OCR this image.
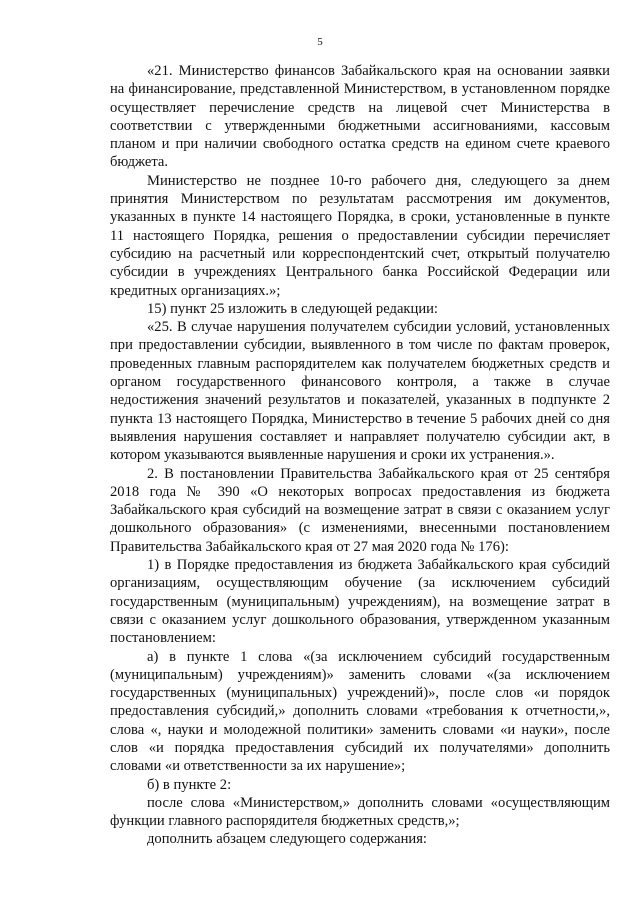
5

«21. Министерство финансов Забайкальского края на основании заявки на финансирование, представленной Министерством, в установленном порядке осуществляет перечисление средств на лицевой счет Министерства в соответствии с утвержденными бюджетными ассигнованиями, кассовым планом и при наличии свободного остатка средств на едином счете краевого бюджета.

Министерство не позднее 10-го рабочего дня, следующего за днем принятия Министерством по результатам рассмотрения им документов, указанных в пункте 14 настоящего Порядка, в сроки, установленные в пункте 11 настоящего Порядка, решения о предоставлении субсидии перечисляет субсидию на расчетный или корреспондентский счет, открытый получателю субсидии в учреждениях Центрального банка Российской Федерации или кредитных организациях.»;

15) пункт 25 изложить в следующей редакции:

«25. В случае нарушения получателем субсидии условий, установленных при предоставлении субсидии, выявленного в том числе по фактам проверок, проведенных главным распорядителем как получателем бюджетных средств и органом государственного финансового контроля, а также в случае недостижения значений результатов и показателей, указанных в подпункте 2 пункта 13 настоящего Порядка, Министерство в течение 5 рабочих дней со дня выявления нарушения составляет и направляет получателю субсидии акт, в котором указываются выявленные нарушения и сроки их устранения.».

2. В постановлении Правительства Забайкальского края от 25 сентября 2018 года № 390 «О некоторых вопросах предоставления из бюджета Забайкальского края субсидий на возмещение затрат в связи с оказанием услуг дошкольного образования» (с изменениями, внесенными постановлением Правительства Забайкальского края от 27 мая 2020 года № 176):

1) в Порядке предоставления из бюджета Забайкальского края субсидий организациям, осуществляющим обучение (за исключением субсидий государственным (муниципальным) учреждениям), на возмещение затрат в связи с оказанием услуг дошкольного образования, утвержденном указанным постановлением:

а) в пункте 1 слова «(за исключением субсидий государственным (муниципальным) учреждениям)» заменить словами «(за исключением государственных (муниципальных) учреждений)», после слов «и порядок предоставления субсидий,» дополнить словами «требования к отчетности,», слова «, науки и молодежной политики» заменить словами «и науки», после слов «и порядка предоставления субсидий их получателями» дополнить словами «и ответственности за их нарушение»;

б) в пункте 2:

после слова «Министерством,» дополнить словами «осуществляющим функции главного распорядителя бюджетных средств,»;

дополнить абзацем следующего содержания:
